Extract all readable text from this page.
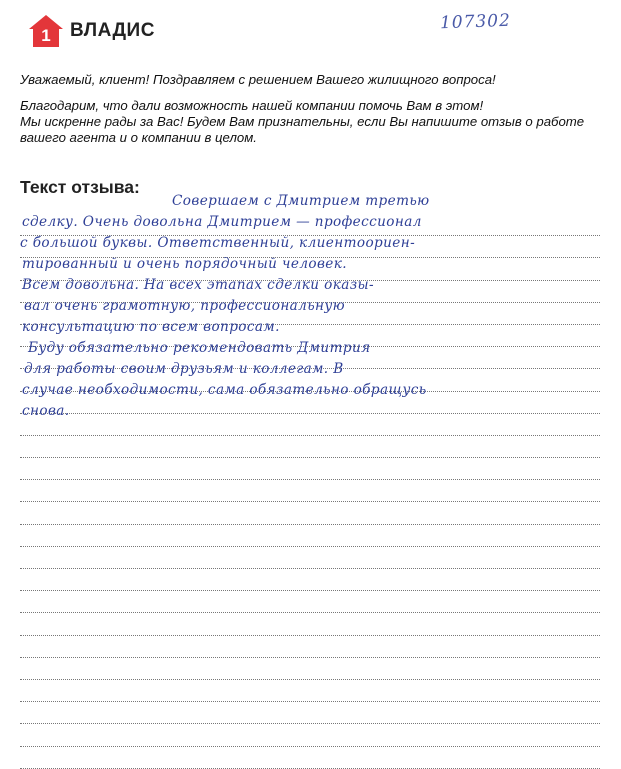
1 ВЛАДИС	107302
Уважаемый, клиент! Поздравляем с решением Вашего жилищного вопроса!
Благодарим, что дали возможность нашей компании помочь Вам в этом!
Мы искренне рады за Вас! Будем Вам признательны, если Вы напишите отзыв о работе
вашего агента и о компании в целом.
Текст отзыва:
Совершаем с Дмитрием третью
сделку. Очень довольна Дмитрием — профессионал
с большой буквы. Ответственный, клиентоориен-
тированный и очень порядочный человек.
Всем довольна. На всех этапах сделки оказы-
вал очень грамотную, профессиональную
консультацию по всем вопросам.
Буду обязательно рекомендовать Дмитрия
для работы своим друзьям и коллегам. В
случае необходимости, сама обязательно обращусь
снова.
